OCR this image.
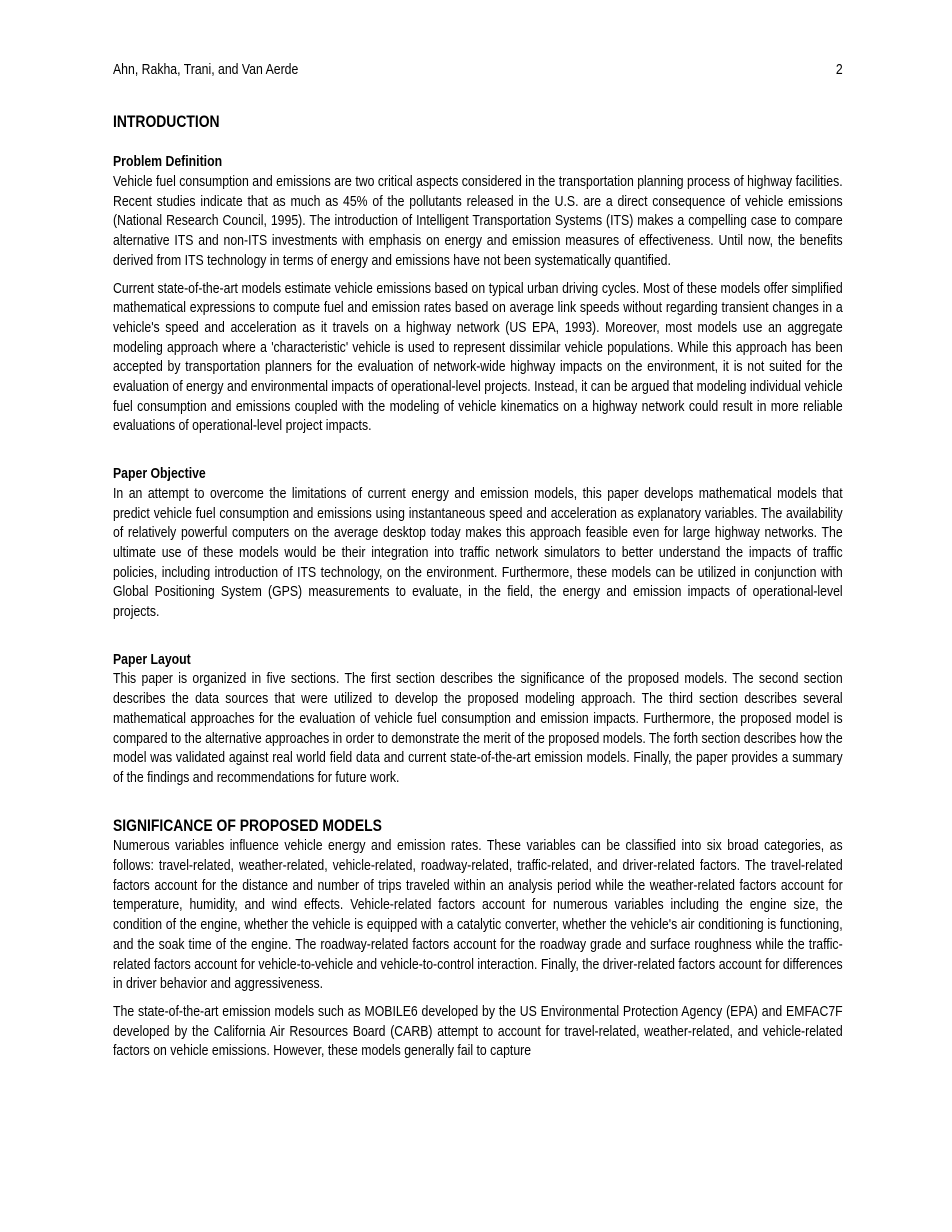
Ahn, Rakha, Trani, and Van Aerde	2
INTRODUCTION
Problem Definition

Vehicle fuel consumption and emissions are two critical aspects considered in the transportation planning process of highway facilities. Recent studies indicate that as much as 45% of the pollutants released in the U.S. are a direct consequence of vehicle emissions (National Research Council, 1995). The introduction of Intelligent Transportation Systems (ITS) makes a compelling case to compare alternative ITS and non-ITS investments with emphasis on energy and emission measures of effectiveness. Until now, the benefits derived from ITS technology in terms of energy and emissions have not been systematically quantified.

Current state-of-the-art models estimate vehicle emissions based on typical urban driving cycles. Most of these models offer simplified mathematical expressions to compute fuel and emission rates based on average link speeds without regarding transient changes in a vehicle's speed and acceleration as it travels on a highway network (US EPA, 1993). Moreover, most models use an aggregate modeling approach where a 'characteristic' vehicle is used to represent dissimilar vehicle populations. While this approach has been accepted by transportation planners for the evaluation of network-wide highway impacts on the environment, it is not suited for the evaluation of energy and environmental impacts of operational-level projects. Instead, it can be argued that modeling individual vehicle fuel consumption and emissions coupled with the modeling of vehicle kinematics on a highway network could result in more reliable evaluations of operational-level project impacts.

Paper Objective

In an attempt to overcome the limitations of current energy and emission models, this paper develops mathematical models that predict vehicle fuel consumption and emissions using instantaneous speed and acceleration as explanatory variables. The availability of relatively powerful computers on the average desktop today makes this approach feasible even for large highway networks. The ultimate use of these models would be their integration into traffic network simulators to better understand the impacts of traffic policies, including introduction of ITS technology, on the environment. Furthermore, these models can be utilized in conjunction with Global Positioning System (GPS) measurements to evaluate, in the field, the energy and emission impacts of operational-level projects.

Paper Layout

This paper is organized in five sections. The first section describes the significance of the proposed models. The second section describes the data sources that were utilized to develop the proposed modeling approach. The third section describes several mathematical approaches for the evaluation of vehicle fuel consumption and emission impacts. Furthermore, the proposed model is compared to the alternative approaches in order to demonstrate the merit of the proposed models. The forth section describes how the model was validated against real world field data and current state-of-the-art emission models. Finally, the paper provides a summary of the findings and recommendations for future work.

SIGNIFICANCE OF PROPOSED MODELS

Numerous variables influence vehicle energy and emission rates. These variables can be classified into six broad categories, as follows: travel-related, weather-related, vehicle-related, roadway-related, traffic-related, and driver-related factors. The travel-related factors account for the distance and number of trips traveled within an analysis period while the weather-related factors account for temperature, humidity, and wind effects. Vehicle-related factors account for numerous variables including the engine size, the condition of the engine, whether the vehicle is equipped with a catalytic converter, whether the vehicle's air conditioning is functioning, and the soak time of the engine. The roadway-related factors account for the roadway grade and surface roughness while the traffic-related factors account for vehicle-to-vehicle and vehicle-to-control interaction. Finally, the driver-related factors account for differences in driver behavior and aggressiveness.

The state-of-the-art emission models such as MOBILE6 developed by the US Environmental Protection Agency (EPA) and EMFAC7F developed by the California Air Resources Board (CARB) attempt to account for travel-related, weather-related, and vehicle-related factors on vehicle emissions. However, these models generally fail to capture
